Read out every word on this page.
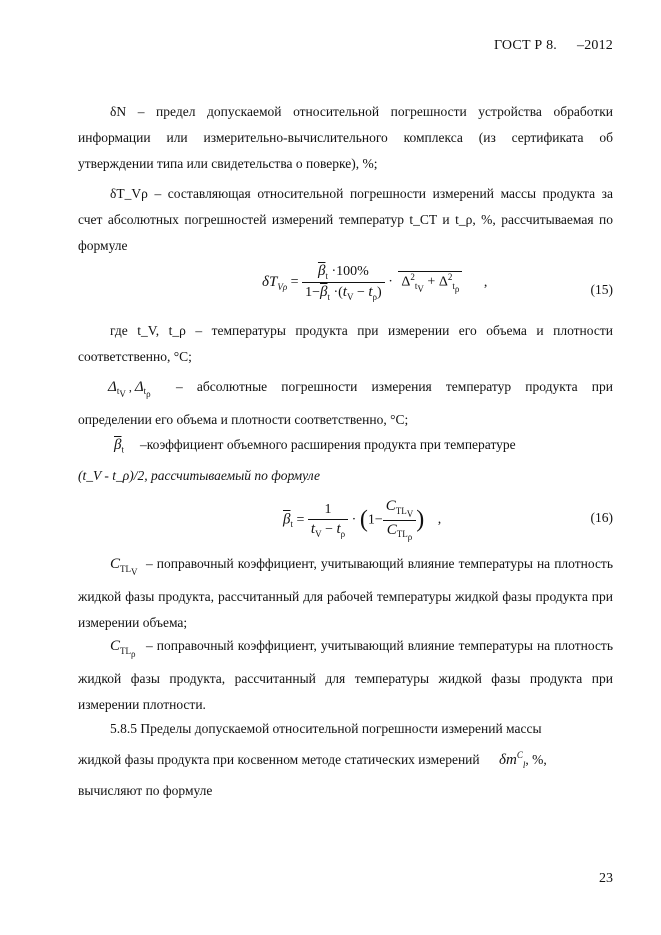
ГОСТ Р 8. –2012
δN – предел допускаемой относительной погрешности устройства обработки информации или измерительно-вычислительного комплекса (из сертификата об утверждении типа или свидетельства о поверке), %;
δT_Vρ – составляющая относительной погрешности измерений массы продукта за счет абсолютных погрешностей измерений температур t_CT и t_ρ, %, рассчитываемая по формуле
$\delta T_{V\rho} = \frac{\overline{\beta}_t \cdot 100\%}{1-\overline{\beta}_t \cdot(t_V - t_\rho)} \cdot \Delta^2_{t_V} + \Delta^2_{t_\rho}$ ,	(15)
где t_V, t_ρ – температуры продукта при измерении его объема и плотности соответственно, °С;
$\Delta_{t_V}$ , $\Delta_{t_\rho}-$ абсолютные погрешности измерения температур продукта при определении его объема и плотности соответственно, °С;
$\overline{\beta}_t$ –коэффициент объемного расширения продукта при температуре
(t_V - t_ρ)/2, рассчитываемый по формуле
$\overline{\beta}_t = \frac{1}{t_V - t_\rho} \cdot (1- \frac{C_{TL_V}}{C_{TL_\rho}}$ ) ,	(16)
$C_{TL_V}-$ поправочный коэффициент, учитывающий влияние температуры на плотность жидкой фазы продукта, рассчитанный для рабочей температуры жидкой фазы продукта при измерении объема;
$C_{TL_\rho}-$ поправочный коэффициент, учитывающий влияние температуры на плотность жидкой фазы продукта, рассчитанный для температуры жидкой фазы продукта при измерении плотности.
5.8.5 Пределы допускаемой относительной погрешности измерений массы
жидкой фазы продукта при косвенном методе статических измерений $\delta m^C_l$, %,
вычисляют по формуле
23
